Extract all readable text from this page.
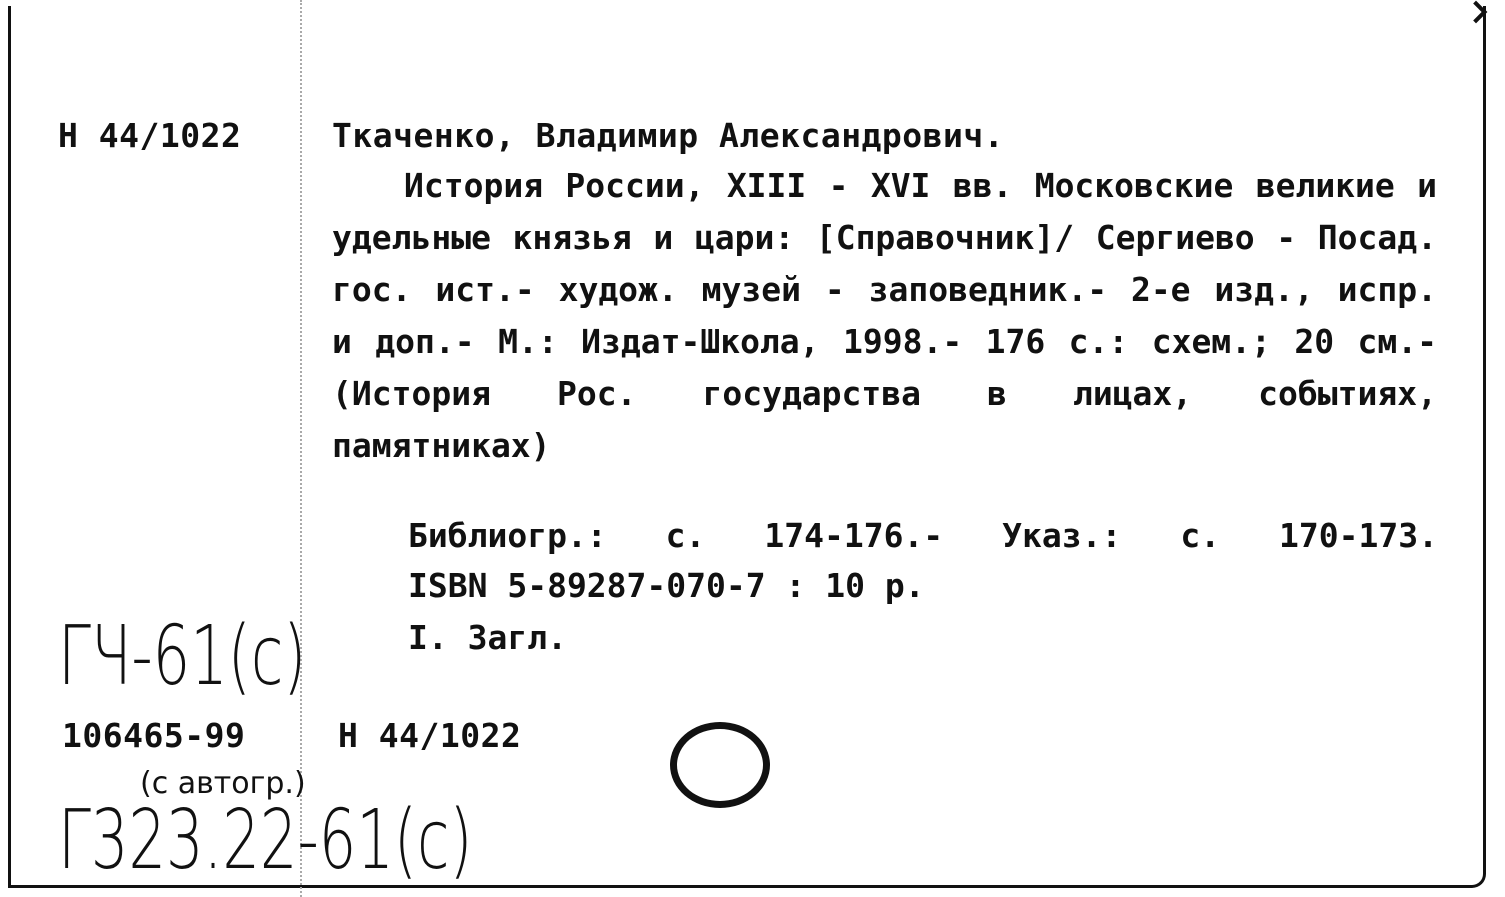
Н 44/1022	Ткаченко, Владимир Александрович.
История России, XIII - XVI вв. Московские великие и удельные князья и цари: [Справочник]/ Сергиево - Посад. гос. ист.- худож. музей - заповедник.- 2-е изд., испр. и доп.- М.: Издат-Школа, 1998.- 176 с.: схем.; 20 см.- (История Рос. государства в лицах, событиях, памятниках)
Библиогр.: с. 174-176.- Указ.: с. 170-173.
ISBN 5-89287-070-7 : 10 р.
I. Загл.
ГЧ-61(с)
106465-99	Н 44/1022
(с автогр.)
Г323.22-61(с)
